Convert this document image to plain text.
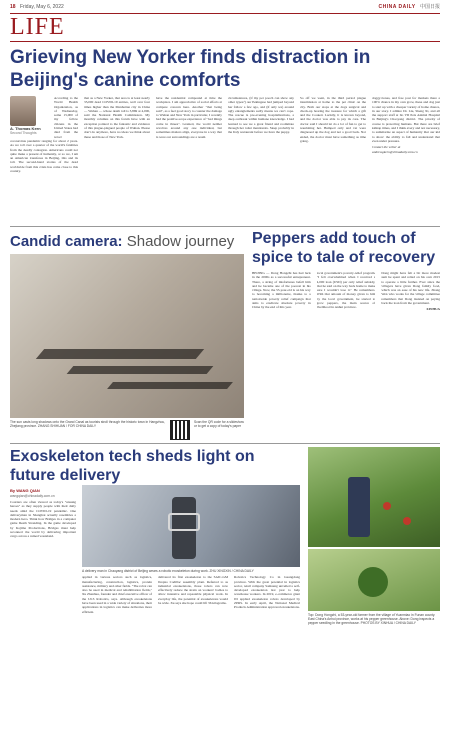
18 Friday, May 6, 2022	CHINA DAILY 中国日报
LIFE
Grieving New Yorker finds distraction in Beijing's canine comforts
A. Thomas Kern
Second Thoughts
According to the World Health Organization, as of Wednesday, some 15,000 of my fellow citizens in the United States had died from the novel coronavirus pandemic ranging for about 2 years. As we roll over a quarter of the world's fatalities from the deadly contagion. Americans could not quite make a present of humanity, or so we, I am an American transferee in Beijing, this and its toll. The second-hand stories of the dead worldwide from this crisis has come close to this country.
that as a New Yorker, that area is at least nearly 35,000 dead COVID-19 entries, well over four times higher than the Manhattan city in China — Wuhan — whose death toll is 3,869 at 4,000, said the National Health Commission. My monthly columns on this forum have with an exception pointed to the fantastic and evidence of this plague-plagued people of Wuhan. Please don't do anymore, have no ideas we think about these and those of New York.
have the residential compound at time the workplace. I am appreciative of social efforts at compare concern here. Another "that being said", as a feel good story to counter the damage to Wuhan and New York in particular, I recently had the positive-scope experience of "bad things come in threes". Granted, the world neither revolves around any one individual, but sometimes matters align, everyone in a way that is were our surroundings are a result.
circumstances, (if my pet pooch can show any other types?) our Pekingese had jumped beyond her follow a few ago, and (if only we) around ugly entanglements sadly means we can't cope. The rescue is pre-evening hospitalizations, a deep outbreak within humane knowledge. I had learned to see we a great friend and roommate through her toilet mentionals. Sleep probably in the Italy restaurant before we have the puppy.
So off we went, in the third period plague intermission at home to the pet clinic on the city. Both our stops at the dogs surgical and check-up bearing the treasure for which a gift and the Cooked. Luckily, it is known beyond, and the doctor was able to pay its care. The doctor said I should let do a lot of fun to get to nourishing her. Bumped only and vet were diagnosed up the dog and not a good back. Not ended, the doctor must have something as time going.
doggy-bones, and free post for markets there a 100% chance in my own grow, these and dog just to start up with a cheaper variety of home chance, in our story. I admire Dr. Liu, Sheng Xi, and all the support staff at Ito VII Pets Animal Hospital in Beijing's Chaoyang district. The priority of course is protecting humans. But there are brief kidnap times, and I think every and not necessary, to summarize an aspect of humanity that our kid to show: the ability to fall and understand that even under pressure.
Contact the writer at
andrewgkern@chinadaily.com.cn
Candid camera: Shadow journey
The sun casts long shadows onto the Grand Canal as tourists stroll through the historic town in Hangzhou, Zhejiang province. ZHANG SHIHUAN / FOR CHINA DAILY
Scan the QR code for a slideshow or to get a copy of today's paper
Peppers add touch of spice to tale of recovery
BEIJING — Dong Hongzhi has had luck in the 2000s as a successful entrepreneur. There, a string of misfortunes befell him and he became one of the poorest in his village. Now, the 53-year-old is on his way to becoming a millionaire, thanks to a nationwide poverty relief campaign that aims to eradicate absolute poverty in China by the end of this year.
local government's poverty-relief program. "I felt overwhelmed when I received a 4,000 loan (USD) per only relief subsidy, that he said on the way back home to make sure I wouldn't lose it." He remembers. With that amount of money given to him by the local government, he started to grow peppers, the main source of livelihood in Anhui province.
Dong might have felt a bit more modest sum he spent and relied on his own 2015 to operate a little further. Ever since the villagers have given Dong family food, which was an ease of his new life. Zhang Wen who works for the village committee remembers that Dong insisted on paying back the loan from the government.
XINHUA
Exoskeleton tech sheds light on future delivery
By WANG QIAN
wangqian@chinadaily.com.cn
Couriers are often viewed as today's "unsung heroes" as they supply people with their daily needs amid the COVID-19 pandemic. One deliveryman in Shanghai actually resembles a modern hero. Think how Bridges in a computer game Death Stranding. In the game developed by Kojima Productions, Bridges must help reconnect the world by delivering important cargo across a ruined wasteland.
A delivery man in Chaoyang district of Beijing wears a robotic exoskeleton during work. ZHU XINGXIN / CHINA DAILY
applied in various sectors such as logistics, manufacturing, construction, logistics, protein assistance, military and other fields. "The robot can also be used in medical and rehabilitation fields," Xu Zhenhua, founder and chief executive officer of the ULS Robotics, says. Although exoskeletons have been used in a wide variety of situations, their applications in logistics can make deliveries more efficient.
delivered its first exoskeleton to the SAIC-GM Jinqiao Cadillac assembly plant. Referred to as industrial exoskeletons, those robots can now effectively reduce the strain on workers' bodies to allow intensive and repeatable physical work. In everyday life, the potential of exoskeletons would be wide. Xu says she hope could lift 36 kilograms.
Robotics Technology Co in Guangdong province. With the great potential in logistics sector, retail company Samsung unveiled a self-developed exoskeleton last year to help warehouse workers. In 2019, e-commerce giant JD applied exoskeleton robots developed by ZPRS. In early April, the National Medical Products Administration approved exoskeletons.
Top: Dong Hongzhi, a 53-year-old farmer from the village of Yuanmiao in Funan county. East China's Anhui province, works at his pepper greenhouse. Above: Dong inspects a pepper seedling in the greenhouse. PHOTOS BY XINHUA / CHINA DAILY
